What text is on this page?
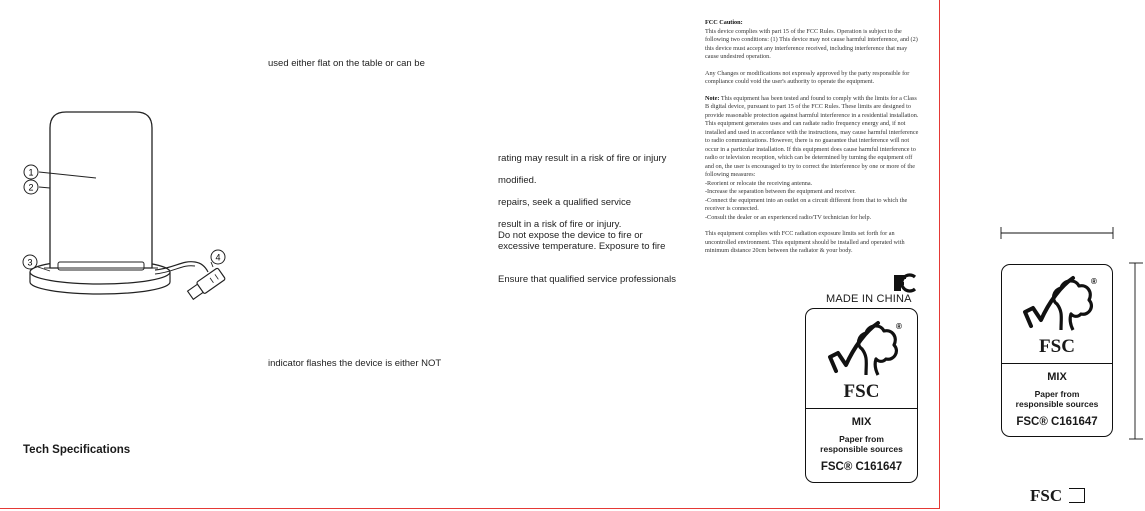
used either flat on the table or can be
indicator flashes the device is either NOT
Tech Specifications
rating may result in a risk of fire or injury
modified.
repairs, seek a qualified service
result in a risk of fire or injury.
Do not expose the device to fire or
excessive temperature. Exposure to fire
Ensure that qualified service professionals
1
2
3	4

FCC Caution:
This device complies with part 15 of the FCC Rules. Operation is subject to the
following two conditions: (1) This device may not cause harmful interference, and (2)
this device must accept any interference received, including interference that may
cause undesired operation.

Any Changes or modifications not expressly approved by the party responsible for
compliance could void the user's authority to operate the equipment.

Note: This equipment has been tested and found to comply with the limits for a Class
B digital device, pursuant to part 15 of the FCC Rules. These limits are designed to
provide reasonable protection against harmful interference in a residential installation.
This equipment generates uses and can radiate radio frequency energy and, if not
installed and used in accordance with the instructions, may cause harmful interference
to radio communications. However, there is no guarantee that interference will not
occur in a particular installation. If this equipment does cause harmful interference to
radio or television reception, which can be determined by turning the equipment off
and on, the user is encouraged to try to correct the interference by one or more of the
following measures:
-Reorient or relocate the receiving antenna.
-Increase the separation between the equipment and receiver.
-Connect the equipment into an outlet on a circuit different from that to which the
receiver is connected.
-Consult the dealer or an experienced radio/TV technician for help.

This equipment complies with FCC radiation exposure limits set forth for an
uncontrolled environment. This equipment should be installed and operated with
minimum distance 20cm between the radiator & your body.

MADE IN CHINA
®
FSC
MIX
Paper from
responsible sources
FSC® C161647
®
FSC
MIX
Paper from
responsible sources
FSC® C161647
FSC
